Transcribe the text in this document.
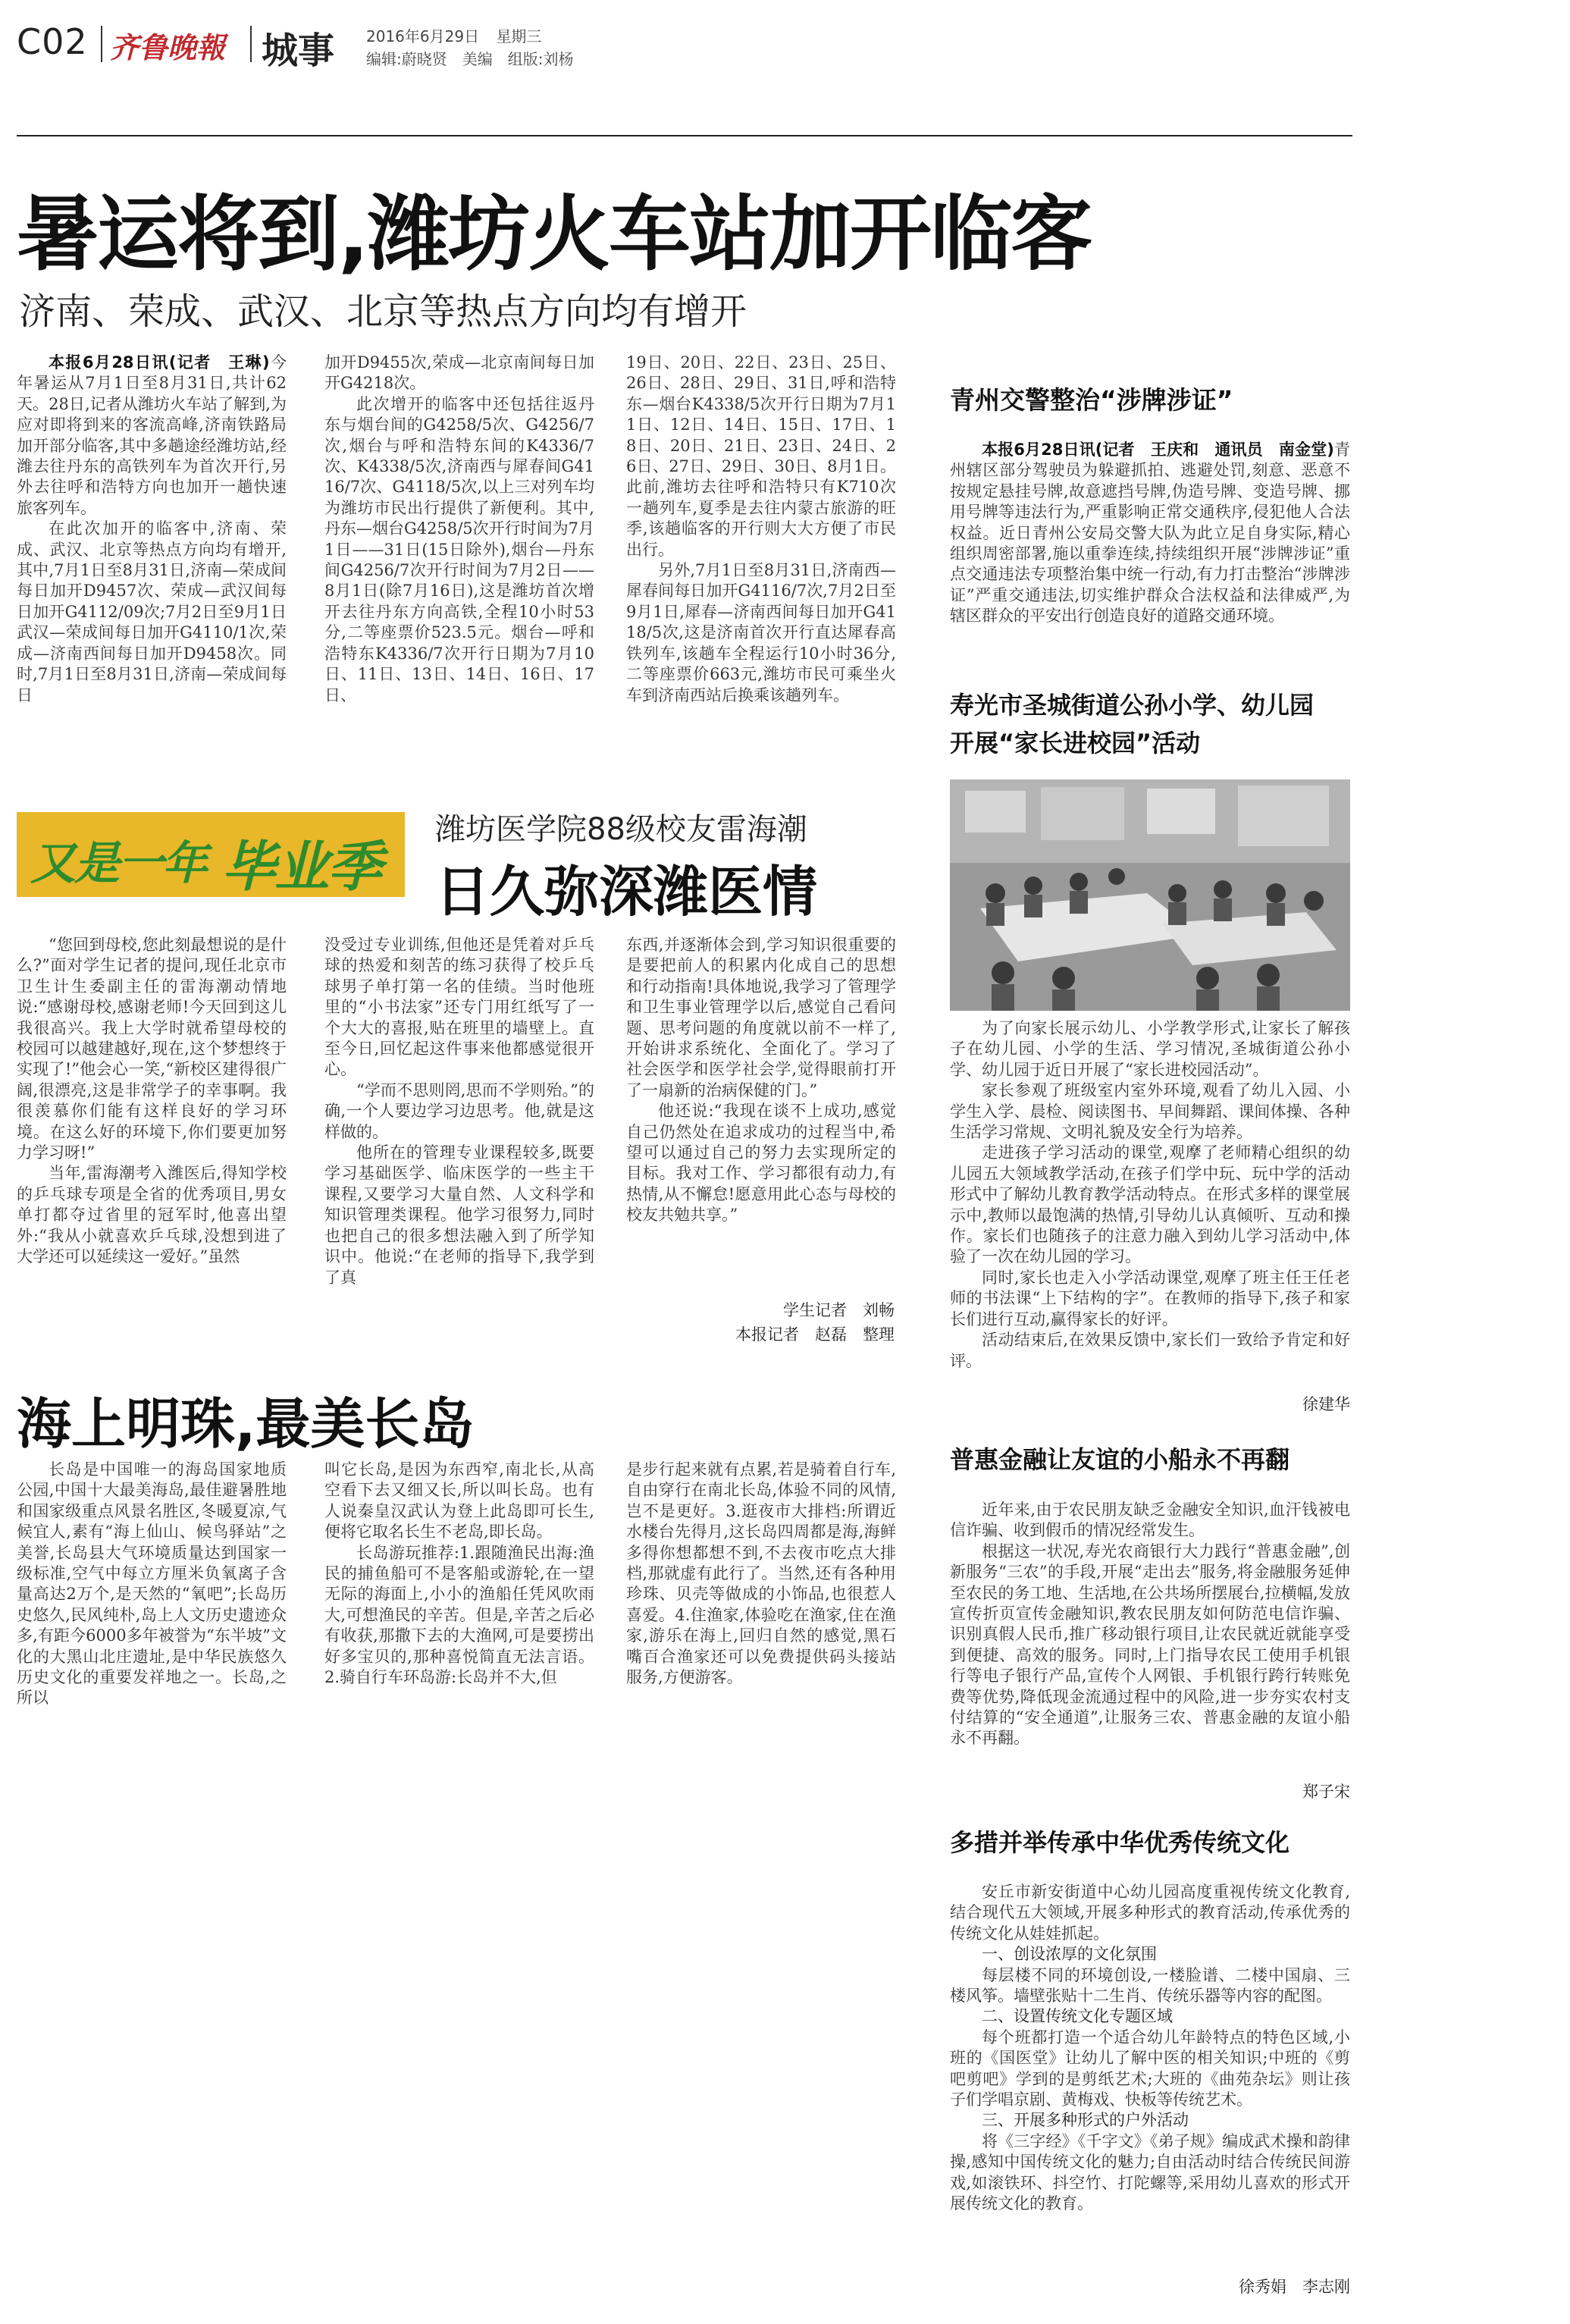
C02 齐鲁晚報 城事 2016年6月29日 星期三
编辑:蔚晓贤　美编　组版:刘杨
暑运将到,潍坊火车站加开临客
济南、荣成、武汉、北京等热点方向均有增开

本报6月28日讯(记者　王琳)今年暑运从7月1日至8月31日,共计62天。28日,记者从潍坊火车站了解到,为应对即将到来的客流高峰,济南铁路局加开部分临客,其中多趟途经潍坊站,经潍去往丹东的高铁列车为首次开行,另外去往呼和浩特方向也加开一趟快速旅客列车。

在此次加开的临客中,济南、荣成、武汉、北京等热点方向均有增开,其中,7月1日至8月31日,济南—荣成间每日加开D9457次、荣成—武汉间每日加开G4112/09次;7月2日至9月1日武汉—荣成间每日加开G4110/1次,荣成—济南西间每日加开D9458次。同时,7月1日至8月31日,济南—荣成间每日

加开D9455次,荣成—北京南间每日加开G4218次。

此次增开的临客中还包括往返丹东与烟台间的G4258/5次、G4256/7次,烟台与呼和浩特东间的K4336/7次、K4338/5次,济南西与犀春间G4116/7次、G4118/5次,以上三对列车均为潍坊市民出行提供了新便利。其中,丹东—烟台G4258/5次开行时间为7月1日——31日(15日除外),烟台—丹东间G4256/7次开行时间为7月2日——8月1日(除7月16日),这是潍坊首次增开去往丹东方向高铁,全程10小时53分,二等座票价523.5元。烟台—呼和浩特东K4336/7次开行日期为7月10日、11日、13日、14日、16日、17日、

19日、20日、22日、23日、25日、26日、28日、29日、31日,呼和浩特东—烟台K4338/5次开行日期为7月11日、12日、14日、15日、17日、18日、20日、21日、23日、24日、26日、27日、29日、30日、8月1日。此前,潍坊去往呼和浩特只有K710次一趟列车,夏季是去往内蒙古旅游的旺季,该趟临客的开行则大大方便了市民出行。

另外,7月1日至8月31日,济南西—犀春间每日加开G4116/7次,7月2日至9月1日,犀春—济南西间每日加开G4118/5次,这是济南首次开行直达犀春高铁列车,该趟车全程运行10小时36分,二等座票价663元,潍坊市民可乘坐火车到济南西站后换乘该趟列车。

青州交警整治“涉牌涉证”

本报6月28日讯(记者　王庆和　通讯员　南金堂)青州辖区部分驾驶员为躲避抓拍、逃避处罚,刻意、恶意不按规定悬挂号牌,故意遮挡号牌,伪造号牌、变造号牌、挪用号牌等违法行为,严重影响正常交通秩序,侵犯他人合法权益。近日青州公安局交警大队为此立足自身实际,精心组织周密部署,施以重拳连续,持续组织开展“涉牌涉证”重点交通违法专项整治集中统一行动,有力打击整治“涉牌涉证”严重交通违法,切实维护群众合法权益和法律威严,为辖区群众的平安出行创造良好的道路交通环境。

寿光市圣城街道公孙小学、幼儿园
开展“家长进校园”活动

为了向家长展示幼儿、小学教学形式,让家长了解孩子在幼儿园、小学的生活、学习情况,圣城街道公孙小学、幼儿园于近日开展了“家长进校园活动”。

家长参观了班级室内室外环境,观看了幼儿入园、小学生入学、晨检、阅读图书、早间舞蹈、课间体操、各种生活学习常规、文明礼貌及安全行为培养。

走进孩子学习活动的课堂,观摩了老师精心组织的幼儿园五大领域教学活动,在孩子们学中玩、玩中学的活动形式中了解幼儿教育教学活动特点。在形式多样的课堂展示中,教师以最饱满的热情,引导幼儿认真倾听、互动和操作。家长们也随孩子的注意力融入到幼儿学习活动中,体验了一次在幼儿园的学习。

同时,家长也走入小学活动课堂,观摩了班主任王任老师的书法课“上下结构的字”。在教师的指导下,孩子和家长们进行互动,赢得家长的好评。

活动结束后,在效果反馈中,家长们一致给予肯定和好评。

徐建华
又是一年 毕业季
潍坊医学院88级校友雷海潮
日久弥深潍医情

“您回到母校,您此刻最想说的是什么?”面对学生记者的提问,现任北京市卫生计生委副主任的雷海潮动情地说:“感谢母校,感谢老师!今天回到这儿我很高兴。我上大学时就希望母校的校园可以越建越好,现在,这个梦想终于实现了!”他会心一笑,“新校区建得很广阔,很漂亮,这是非常学子的幸事啊。我很羡慕你们能有这样良好的学习环境。在这么好的环境下,你们要更加努力学习呀!”

当年,雷海潮考入潍医后,得知学校的乒乓球专项是全省的优秀项目,男女单打都夺过省里的冠军时,他喜出望外:“我从小就喜欢乒乓球,没想到进了大学还可以延续这一爱好。”虽然

没受过专业训练,但他还是凭着对乒乓球的热爱和刻苦的练习获得了校乒乓球男子单打第一名的佳绩。当时他班里的“小书法家”还专门用红纸写了一个大大的喜报,贴在班里的墙壁上。直至今日,回忆起这件事来他都感觉很开心。

“学而不思则罔,思而不学则殆。”的确,一个人要边学习边思考。他,就是这样做的。

他所在的管理专业课程较多,既要学习基础医学、临床医学的一些主干课程,又要学习大量自然、人文科学和知识管理类课程。他学习很努力,同时也把自己的很多想法融入到了所学知识中。他说:“在老师的指导下,我学到了真

东西,并逐渐体会到,学习知识很重要的是要把前人的积累内化成自己的思想和行动指南!具体地说,我学习了管理学和卫生事业管理学以后,感觉自己看问题、思考问题的角度就以前不一样了,开始讲求系统化、全面化了。学习了社会医学和医学社会学,觉得眼前打开了一扇新的治病保健的门。”

他还说:“我现在谈不上成功,感觉自己仍然处在追求成功的过程当中,希望可以通过自己的努力去实现所定的目标。我对工作、学习都很有动力,有热情,从不懈怠!愿意用此心态与母校的校友共勉共享。”

学生记者　刘畅
本报记者　赵磊　整理
海上明珠,最美长岛

长岛是中国唯一的海岛国家地质公园,中国十大最美海岛,最佳避暑胜地和国家级重点风景名胜区,冬暖夏凉,气候宜人,素有“海上仙山、候鸟驿站”之美誉,长岛县大气环境质量达到国家一级标准,空气中每立方厘米负氧离子含量高达2万个,是天然的“氧吧”;长岛历史悠久,民风纯朴,岛上人文历史遗迹众多,有距今6000多年被誉为“东半坡”文化的大黑山北庄遗址,是中华民族悠久历史文化的重要发祥地之一。长岛,之所以

叫它长岛,是因为东西窄,南北长,从高空看下去又细又长,所以叫长岛。也有人说秦皇汉武认为登上此岛即可长生,便将它取名长生不老岛,即长岛。

长岛游玩推荐:1.跟随渔民出海:渔民的捕鱼船可不是客船或游轮,在一望无际的海面上,小小的渔船任凭风吹雨大,可想渔民的辛苦。但是,辛苦之后必有收获,那撒下去的大渔网,可是要捞出好多宝贝的,那种喜悦简直无法言语。2.骑自行车环岛游:长岛并不大,但

是步行起来就有点累,若是骑着自行车,自由穿行在南北长岛,体验不同的风情,岂不是更好。3.逛夜市大排档:所谓近水楼台先得月,这长岛四周都是海,海鲜多得你想都想不到,不去夜市吃点大排档,那就虚有此行了。当然,还有各种用珍珠、贝壳等做成的小饰品,也很惹人喜爱。4.住渔家,体验吃在渔家,住在渔家,游乐在海上,回归自然的感觉,黑石嘴百合渔家还可以免费提供码头接站服务,方便游客。

普惠金融让友谊的小船永不再翻

近年来,由于农民朋友缺乏金融安全知识,血汗钱被电信诈骗、收到假币的情况经常发生。

根据这一状况,寿光农商银行大力践行“普惠金融”,创新服务“三农”的手段,开展“走出去”服务,将金融服务延伸至农民的务工地、生活地,在公共场所摆展台,拉横幅,发放宣传折页宣传金融知识,教农民朋友如何防范电信诈骗、识别真假人民币,推广移动银行项目,让农民就近就能享受到便捷、高效的服务。同时,上门指导农民工使用手机银行等电子银行产品,宣传个人网银、手机银行跨行转账免费等优势,降低现金流通过程中的风险,进一步夯实农村支付结算的“安全通道”,让服务三农、普惠金融的友谊小船永不再翻。

郑子宋
多措并举传承中华优秀传统文化

安丘市新安街道中心幼儿园高度重视传统文化教育,结合现代五大领域,开展多种形式的教育活动,传承优秀的传统文化从娃娃抓起。

一、创设浓厚的文化氛围

每层楼不同的环境创设,一楼脸谱、二楼中国扇、三楼风筝。墙壁张贴十二生肖、传统乐器等内容的配图。

二、设置传统文化专题区域

每个班都打造一个适合幼儿年龄特点的特色区域,小班的《国医堂》让幼儿了解中医的相关知识;中班的《剪吧剪吧》学到的是剪纸艺术;大班的《曲苑杂坛》则让孩子们学唱京剧、黄梅戏、快板等传统艺术。

三、开展多种形式的户外活动

将《三字经》《千字文》《弟子规》编成武术操和韵律操,感知中国传统文化的魅力;自由活动时结合传统民间游戏,如滚铁环、抖空竹、打陀螺等,采用幼儿喜欢的形式开展传统文化的教育。

徐秀娟　李志刚
